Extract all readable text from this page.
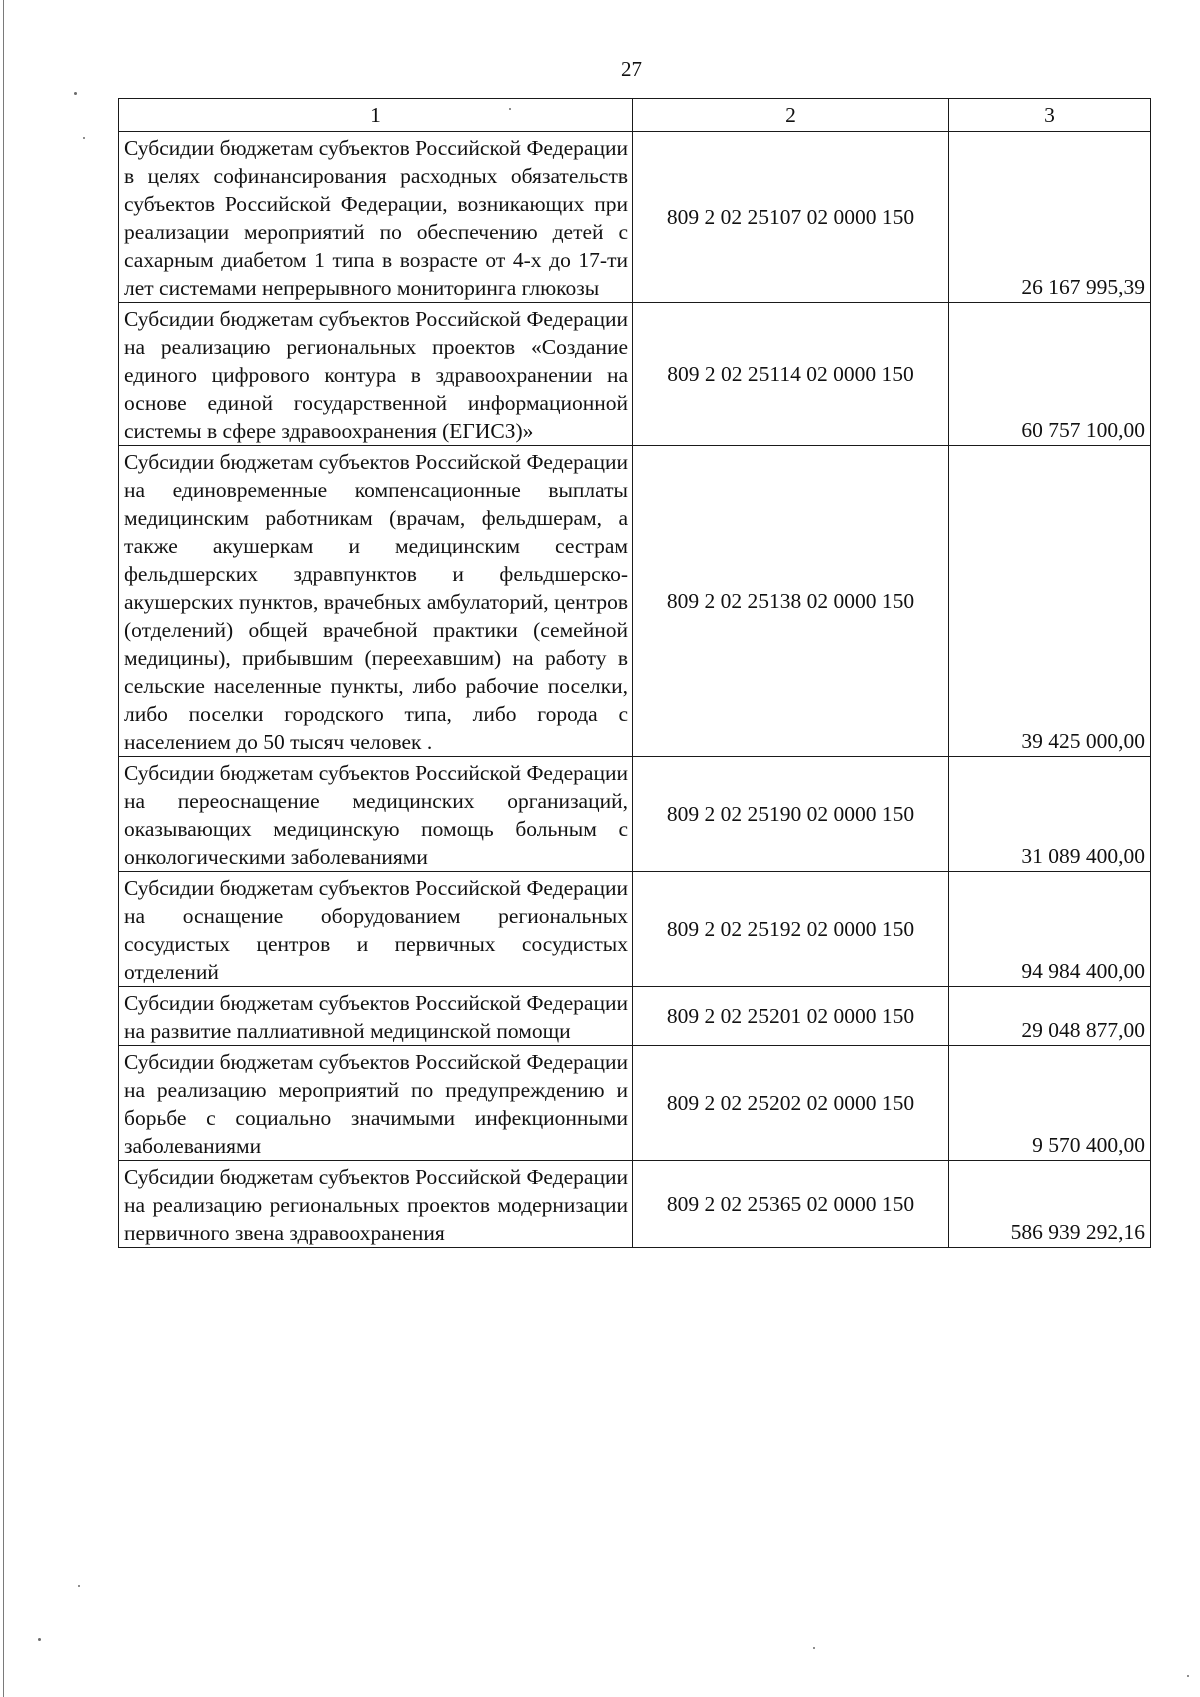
27
1	2	3
Субсидии бюджетам субъектов Российской Федерации в целях софинансирования расходных обязательств субъектов Российской Федерации, возникающих при реализации мероприятий по обеспечению детей с сахарным диабетом 1 типа в возрасте от 4-х до 17-ти лет системами непрерывного мониторинга глюкозы	809 2 02 25107 02 0000 150	26 167 995,39
Субсидии бюджетам субъектов Российской Федерации на реализацию региональных проектов «Создание единого цифрового контура в здравоохранении на основе единой государственной информационной системы в сфере здравоохранения (ЕГИСЗ)»	809 2 02 25114 02 0000 150	60 757 100,00
Субсидии бюджетам субъектов Российской Федерации на единовременные компенсационные выплаты медицинским работникам (врачам, фельдшерам, а также акушеркам и медицинским сестрам фельдшерских здравпунктов и фельдшерско-акушерских пунктов, врачебных амбулаторий, центров (отделений) общей врачебной практики (семейной медицины), прибывшим (переехавшим) на работу в сельские населенные пункты, либо рабочие поселки, либо поселки городского типа, либо города с населением до 50 тысяч человек .	809 2 02 25138 02 0000 150	39 425 000,00
Субсидии бюджетам субъектов Российской Федерации на переоснащение медицинских организаций, оказывающих медицинскую помощь больным с онкологическими заболеваниями	809 2 02 25190 02 0000 150	31 089 400,00
Субсидии бюджетам субъектов Российской Федерации на оснащение оборудованием региональных сосудистых центров и первичных сосудистых отделений	809 2 02 25192 02 0000 150	94 984 400,00
Субсидии бюджетам субъектов Российской Федерации на развитие паллиативной медицинской помощи	809 2 02 25201 02 0000 150	29 048 877,00
Субсидии бюджетам субъектов Российской Федерации на реализацию мероприятий по предупреждению и борьбе с социально значимыми инфекционными заболеваниями	809 2 02 25202 02 0000 150	9 570 400,00
Субсидии бюджетам субъектов Российской Федерации на реализацию региональных проектов модернизации первичного звена здравоохранения	809 2 02 25365 02 0000 150	586 939 292,16
